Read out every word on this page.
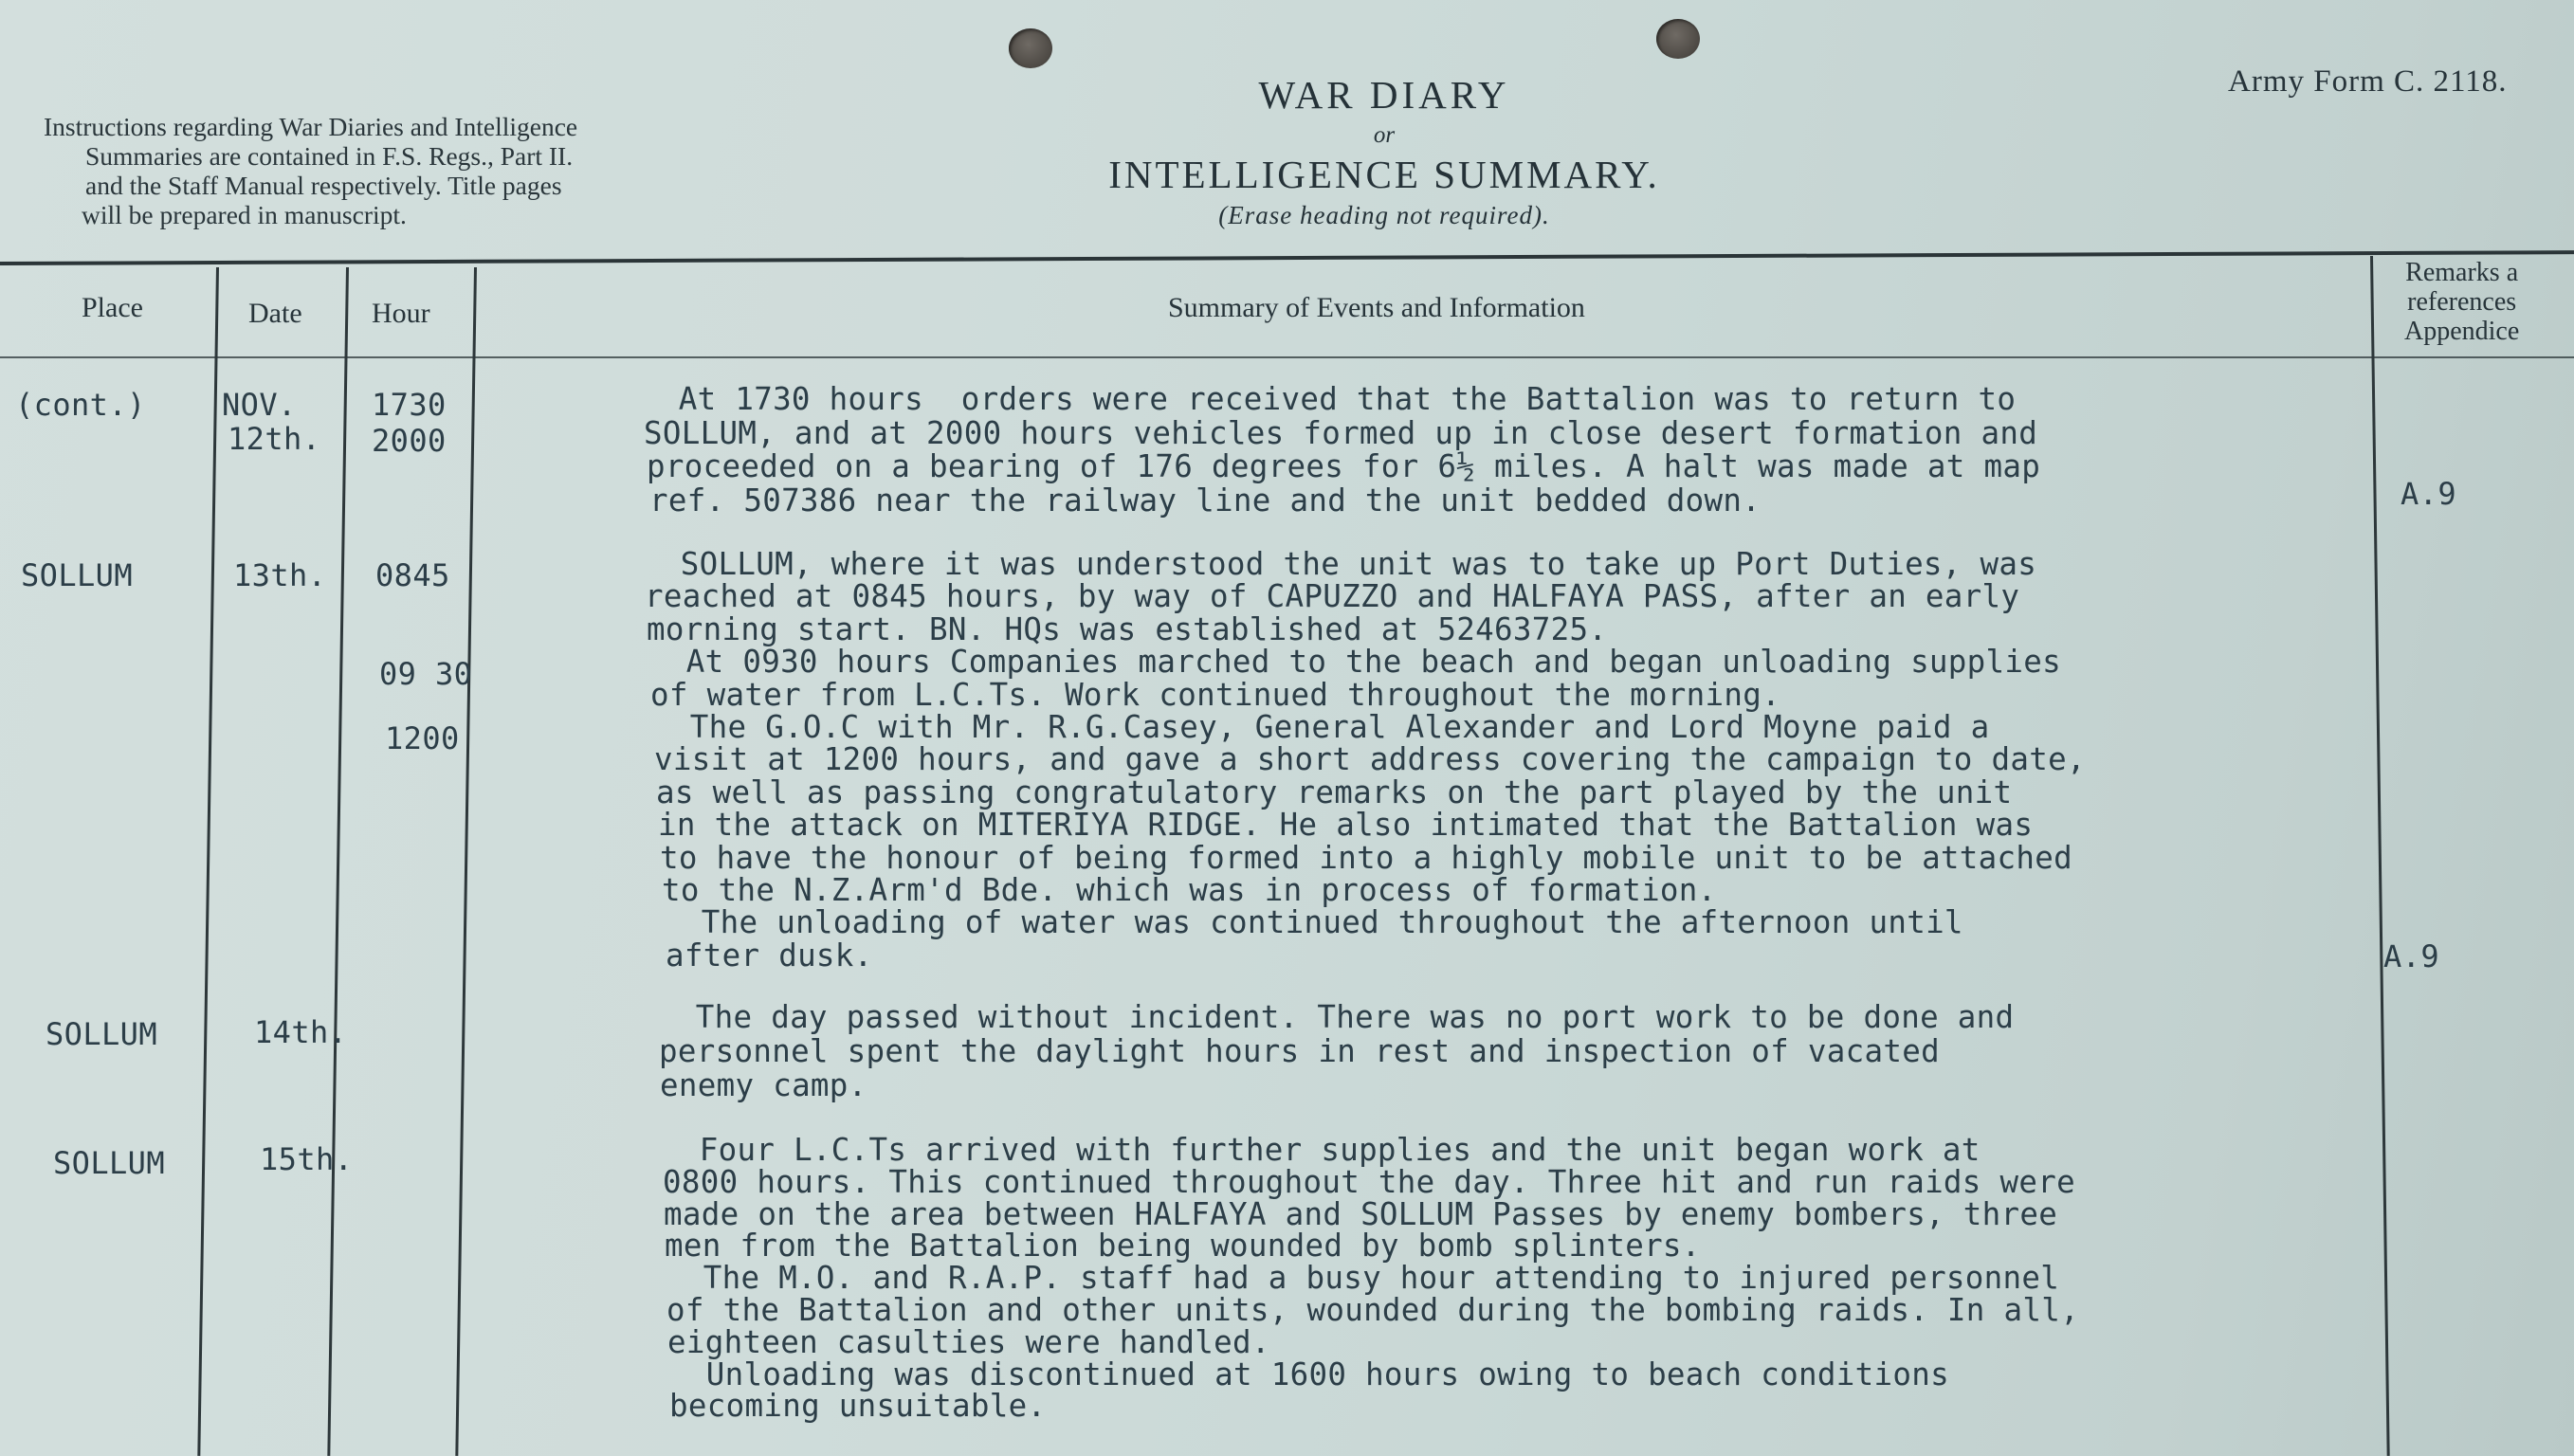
Instructions regarding War Diaries and Intelligence
Summaries are contained in F.S. Regs., Part II.
and the Staff Manual respectively. Title pages
will be prepared in manuscript.
WAR DIARY
or
INTELLIGENCE SUMMARY.
(Erase heading not required).
Army Form C. 2118.
Place	Date Hour	Summary of Events and Information
Remarks a
references
Appendice
(cont.)
SOLLUM
SOLLUM
SOLLUM
NOV.
12th.
13th.
14th.
15th.
1730
2000
0845
09 30
1200
A.9
A.9
At 1730 hours  orders were received that the Battalion was to return to
SOLLUM, and at 2000 hours vehicles formed up in close desert formation and
proceeded on a bearing of 176 degrees for 6½ miles. A halt was made at map
ref. 507386 near the railway line and the unit bedded down.
SOLLUM, where it was understood the unit was to take up Port Duties, was
reached at 0845 hours, by way of CAPUZZO and HALFAYA PASS, after an early
morning start. BN. HQs was established at 52463725.
At 0930 hours Companies marched to the beach and began unloading supplies
of water from L.C.Ts. Work continued throughout the morning.
The G.O.C with Mr. R.G.Casey, General Alexander and Lord Moyne paid a
visit at 1200 hours, and gave a short address covering the campaign to date,
as well as passing congratulatory remarks on the part played by the unit
in the attack on MITERIYA RIDGE. He also intimated that the Battalion was
to have the honour of being formed into a highly mobile unit to be attached
to the N.Z.Arm'd Bde. which was in process of formation.
The unloading of water was continued throughout the afternoon until
after dusk.
The day passed without incident. There was no port work to be done and
personnel spent the daylight hours in rest and inspection of vacated
enemy camp.
Four L.C.Ts arrived with further supplies and the unit began work at
0800 hours. This continued throughout the day. Three hit and run raids were
made on the area between HALFAYA and SOLLUM Passes by enemy bombers, three
men from the Battalion being wounded by bomb splinters.
The M.O. and R.A.P. staff had a busy hour attending to injured personnel
of the Battalion and other units, wounded during the bombing raids. In all,
eighteen casulties were handled.
Unloading was discontinued at 1600 hours owing to beach conditions
becoming unsuitable.
